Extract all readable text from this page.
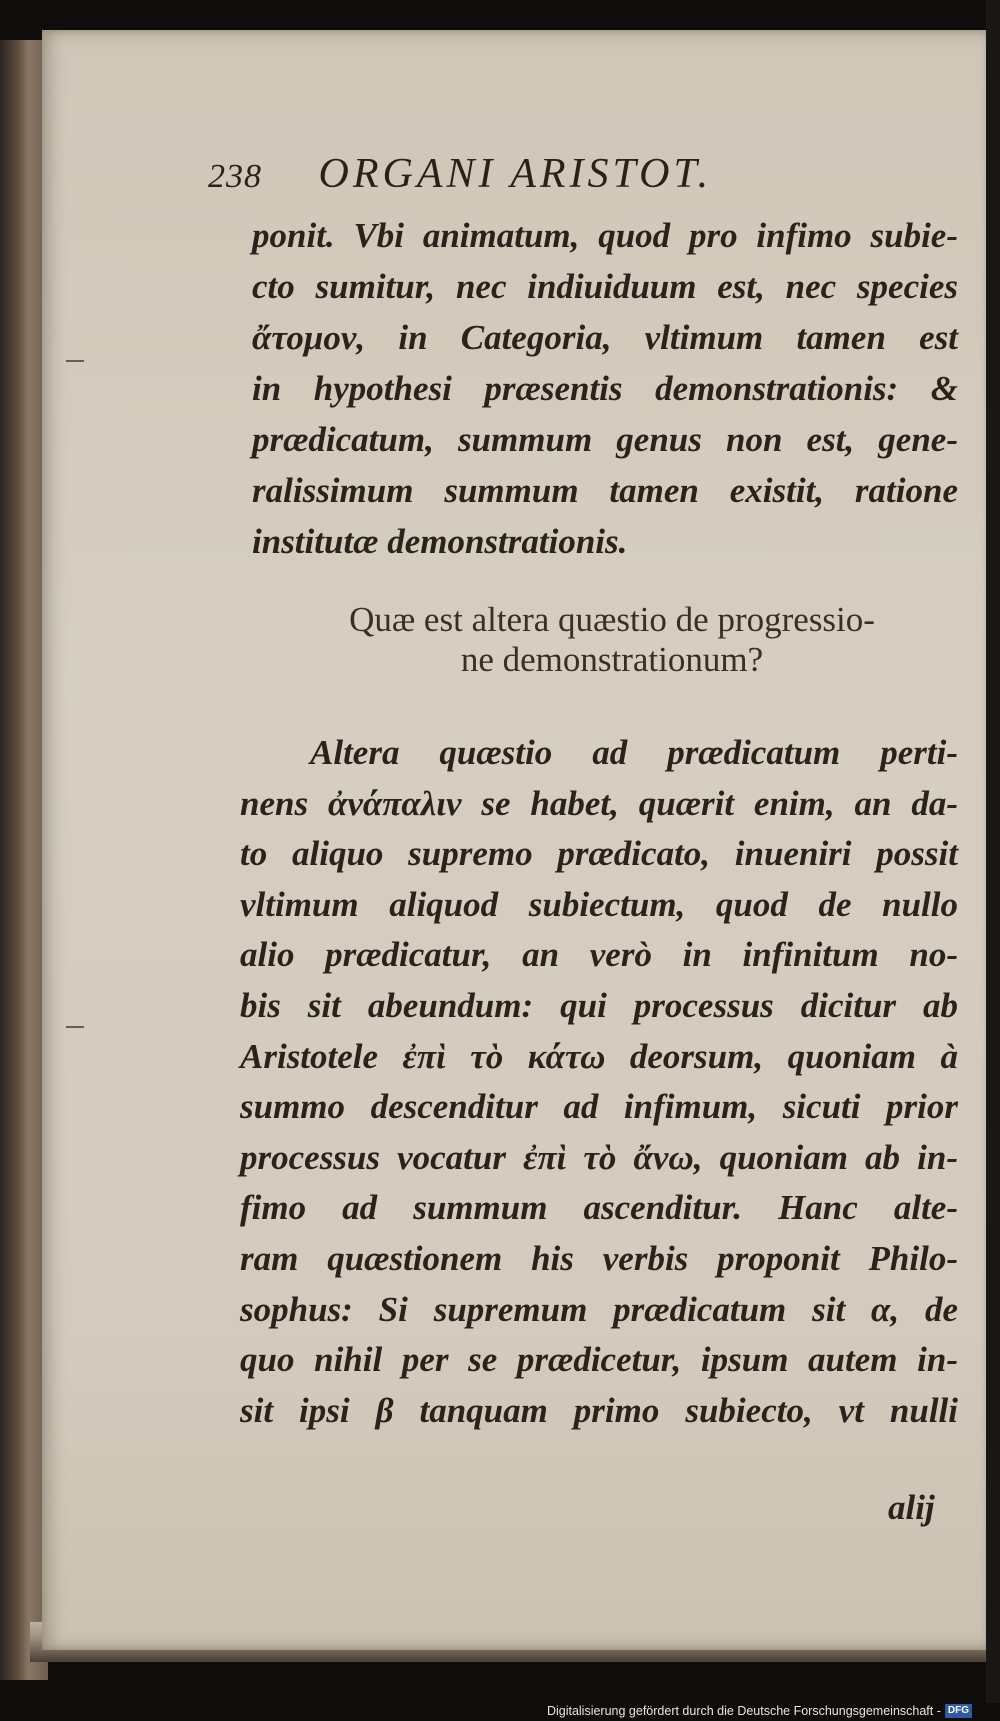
238 ORGANI ARISTOT.
ponit. Vbi animatum, quod pro infimo subie-
cto sumitur, nec indiuiduum est, nec species
ἄτομον, in Categoria, vltimum tamen est
in hypothesi præsentis demonstrationis: &
prædicatum, summum genus non est, gene-
ralissimum summum tamen existit, ratione
institutæ demonstrationis.
Quæ est altera quæstio de progressio-
ne demonstrationum?
Altera quæstio ad prædicatum perti-
nens ἀνάπαλιν se habet, quærit enim, an da-
to aliquo supremo prædicato, inueniri possit
vltimum aliquod subiectum, quod de nullo
alio prædicatur, an verò in infinitum no-
bis sit abeundum: qui processus dicitur ab
Aristotele ἐπὶ τὸ κάτω deorsum, quoniam à
summo descenditur ad infimum, sicuti prior
processus vocatur ἐπὶ τὸ ἄνω, quoniam ab in-
fimo ad summum ascenditur. Hanc alte-
ram quæstionem his verbis proponit Philo-
sophus: Si supremum prædicatum sit α, de
quo nihil per se prædicetur, ipsum autem in-
sit ipsi β tanquam primo subiecto, vt nulli
alij
Digitalisierung gefördert durch die Deutsche Forschungsgemeinschaft - DFG
